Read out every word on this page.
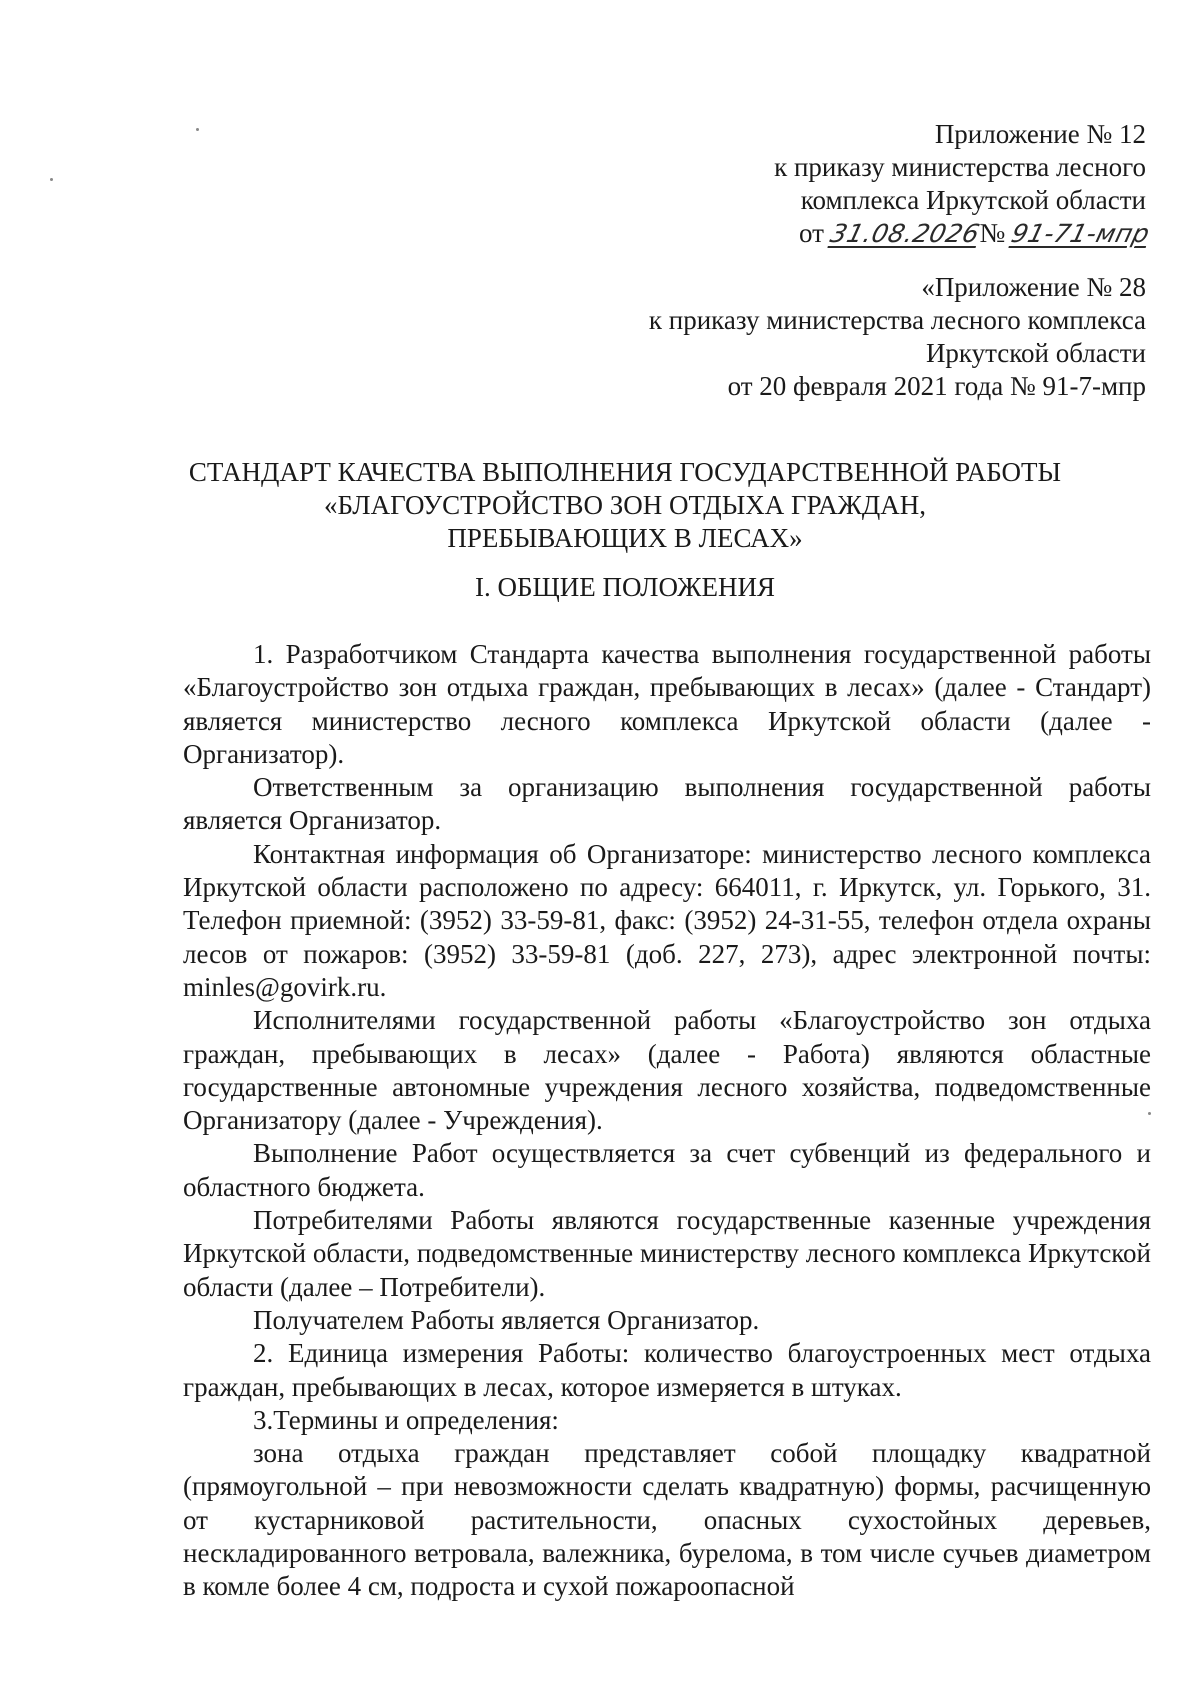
Приложение № 12
к приказу министерства лесного
комплекса Иркутской области
от 31.08.2026 № 91-71-мпр
«Приложение № 28
к приказу министерства лесного комплекса
Иркутской области
от 20 февраля 2021 года № 91-7-мпр
СТАНДАРТ КАЧЕСТВА ВЫПОЛНЕНИЯ ГОСУДАРСТВЕННОЙ РАБОТЫ
«БЛАГОУСТРОЙСТВО ЗОН ОТДЫХА ГРАЖДАН,
ПРЕБЫВАЮЩИХ В ЛЕСАХ»
I. ОБЩИЕ ПОЛОЖЕНИЯ

1. Разработчиком Стандарта качества выполнения государственной работы «Благоустройство зон отдыха граждан, пребывающих в лесах» (далее - Стандарт) является министерство лесного комплекса Иркутской области (далее - Организатор).

Ответственным за организацию выполнения государственной работы является Организатор.

Контактная информация об Организаторе: министерство лесного комплекса Иркутской области расположено по адресу: 664011, г. Иркутск, ул. Горького, 31. Телефон приемной: (3952) 33-59-81, факс: (3952) 24-31-55, телефон отдела охраны лесов от пожаров: (3952) 33-59-81 (доб. 227, 273), адрес электронной почты: minles@govirk.ru.

Исполнителями государственной работы «Благоустройство зон отдыха граждан, пребывающих в лесах» (далее - Работа) являются областные государственные автономные учреждения лесного хозяйства, подведомственные Организатору (далее - Учреждения).

Выполнение Работ осуществляется за счет субвенций из федерального и областного бюджета.

Потребителями Работы являются государственные казенные учреждения Иркутской области, подведомственные министерству лесного комплекса Иркутской области (далее – Потребители).

Получателем Работы является Организатор.

2. Единица измерения Работы: количество благоустроенных мест отдыха граждан, пребывающих в лесах, которое измеряется в штуках.

3.Термины и определения:

зона отдыха граждан представляет собой площадку квадратной (прямоугольной – при невозможности сделать квадратную) формы, расчищенную от кустарниковой растительности, опасных сухостойных деревьев, нескладированного ветровала, валежника, бурелома, в том числе сучьев диаметром в комле более 4 см, подроста и сухой пожароопасной
